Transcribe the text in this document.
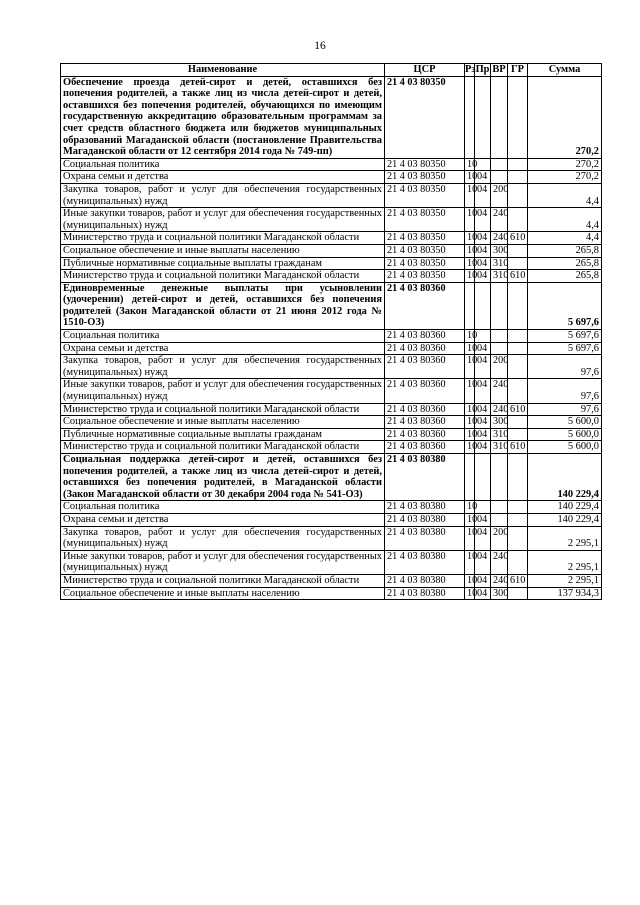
16
Наименование	ЦСР	Рз	Пр	ВР	ГР	Сумма
Обеспечение проезда детей-сирот и детей, оставшихся без попечения родителей, а также лиц из числа детей-сирот и детей, оставшихся без попечения родителей, обучающихся по имеющим государственную аккредитацию образовательным программам за счет средств областного бюджета или бюджетов муниципальных образований Магаданской области (постановление Правительства Магаданской области от 12 сентября 2014 года № 749-пп)	21 4 03 80350					270,2
Социальная политика	21 4 03 80350	10				270,2
Охрана семьи и детства	21 4 03 80350	10	04			270,2
Закупка товаров, работ и услуг для обеспечения государственных (муниципальных) нужд	21 4 03 80350	10	04	200		4,4
Иные закупки товаров, работ и услуг для обеспечения государственных (муниципальных) нужд	21 4 03 80350	10	04	240		4,4
Министерство труда и социальной политики Магаданской области	21 4 03 80350	10	04	240	610	4,4
Социальное обеспечение и иные выплаты населению	21 4 03 80350	10	04	300		265,8
Публичные нормативные социальные выплаты гражданам	21 4 03 80350	10	04	310		265,8
Министерство труда и социальной политики Магаданской области	21 4 03 80350	10	04	310	610	265,8
Единовременные денежные выплаты при усыновлении (удочерении) детей-сирот и детей, оставшихся без попечения родителей (Закон Магаданской области от 21 июня 2012 года № 1510-ОЗ)	21 4 03 80360					5 697,6
Социальная политика	21 4 03 80360	10				5 697,6
Охрана семьи и детства	21 4 03 80360	10	04			5 697,6
Закупка товаров, работ и услуг для обеспечения государственных (муниципальных) нужд	21 4 03 80360	10	04	200		97,6
Иные закупки товаров, работ и услуг для обеспечения государственных (муниципальных) нужд	21 4 03 80360	10	04	240		97,6
Министерство труда и социальной политики Магаданской области	21 4 03 80360	10	04	240	610	97,6
Социальное обеспечение и иные выплаты населению	21 4 03 80360	10	04	300		5 600,0
Публичные нормативные социальные выплаты гражданам	21 4 03 80360	10	04	310		5 600,0
Министерство труда и социальной политики Магаданской области	21 4 03 80360	10	04	310	610	5 600,0
Социальная поддержка детей-сирот и детей, оставшихся без попечения родителей, а также лиц из числа детей-сирот и детей, оставшихся без попечения родителей, в Магаданской области (Закон Магаданской области от 30 декабря 2004 года № 541-ОЗ)	21 4 03 80380					140 229,4
Социальная политика	21 4 03 80380	10				140 229,4
Охрана семьи и детства	21 4 03 80380	10	04			140 229,4
Закупка товаров, работ и услуг для обеспечения государственных (муниципальных) нужд	21 4 03 80380	10	04	200		2 295,1
Иные закупки товаров, работ и услуг для обеспечения государственных (муниципальных) нужд	21 4 03 80380	10	04	240		2 295,1
Министерство труда и социальной политики Магаданской области	21 4 03 80380	10	04	240	610	2 295,1
Социальное обеспечение и иные выплаты населению	21 4 03 80380	10	04	300		137 934,3
